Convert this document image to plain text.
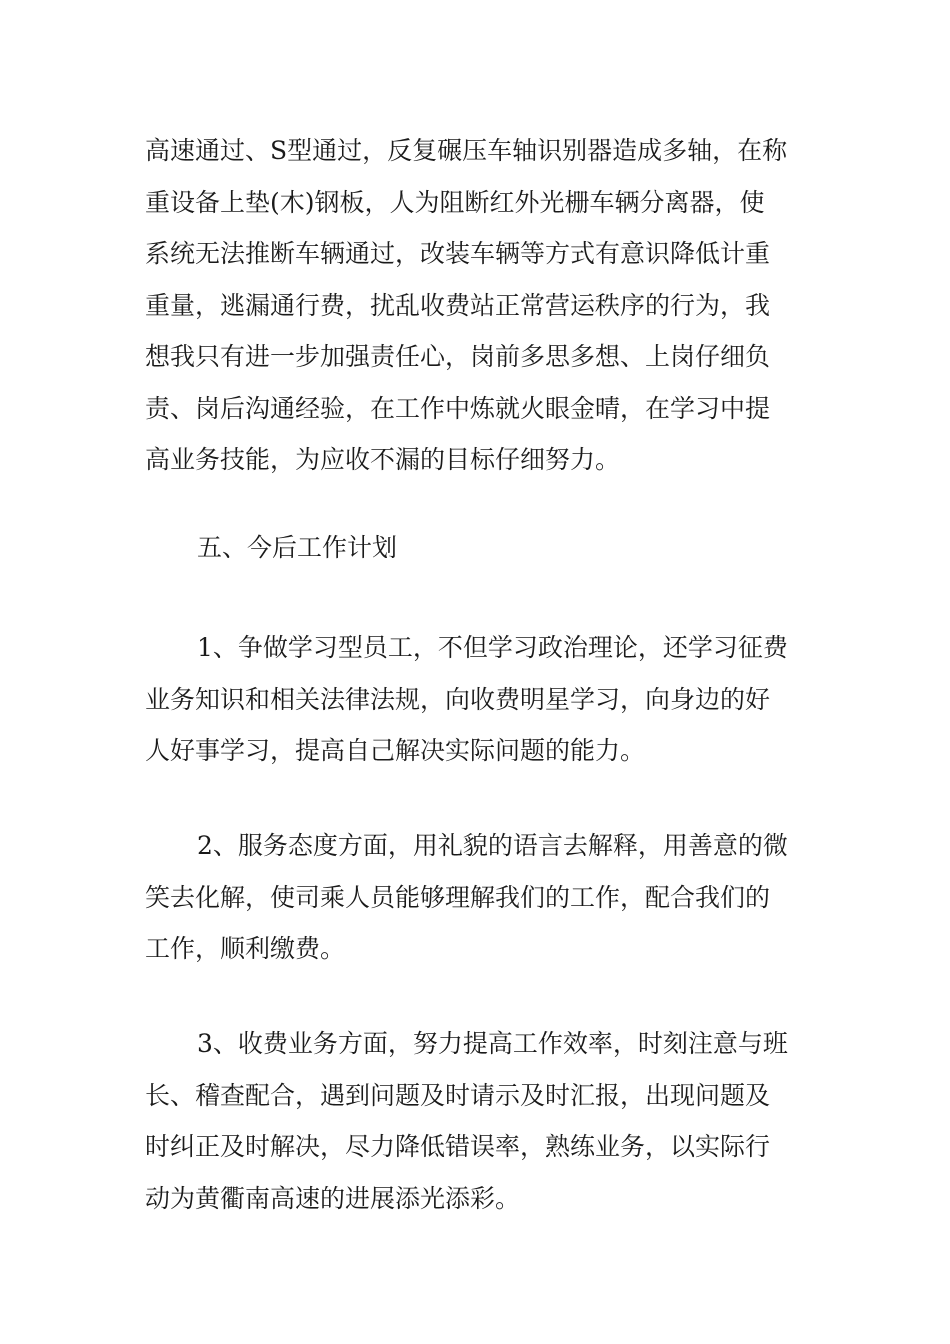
高速通过、S型通过，反复碾压车轴识别器造成多轴，在称
重设备上垫(木)钢板，人为阻断红外光栅车辆分离器，使
系统无法推断车辆通过，改装车辆等方式有意识降低计重
重量，逃漏通行费，扰乱收费站正常营运秩序的行为，我
想我只有进一步加强责任心，岗前多思多想、上岗仔细负
责、岗后沟通经验，在工作中炼就火眼金晴，在学习中提
高业务技能，为应收不漏的目标仔细努力。
五、今后工作计划
1、争做学习型员工，不但学习政治理论，还学习征费
业务知识和相关法律法规，向收费明星学习，向身边的好
人好事学习，提高自己解决实际问题的能力。
2、服务态度方面，用礼貌的语言去解释，用善意的微
笑去化解，使司乘人员能够理解我们的工作，配合我们的
工作，顺利缴费。
3、收费业务方面，努力提高工作效率，时刻注意与班
长、稽查配合，遇到问题及时请示及时汇报，出现问题及
时纠正及时解决，尽力降低错误率，熟练业务，以实际行
动为黄衢南高速的进展添光添彩。
